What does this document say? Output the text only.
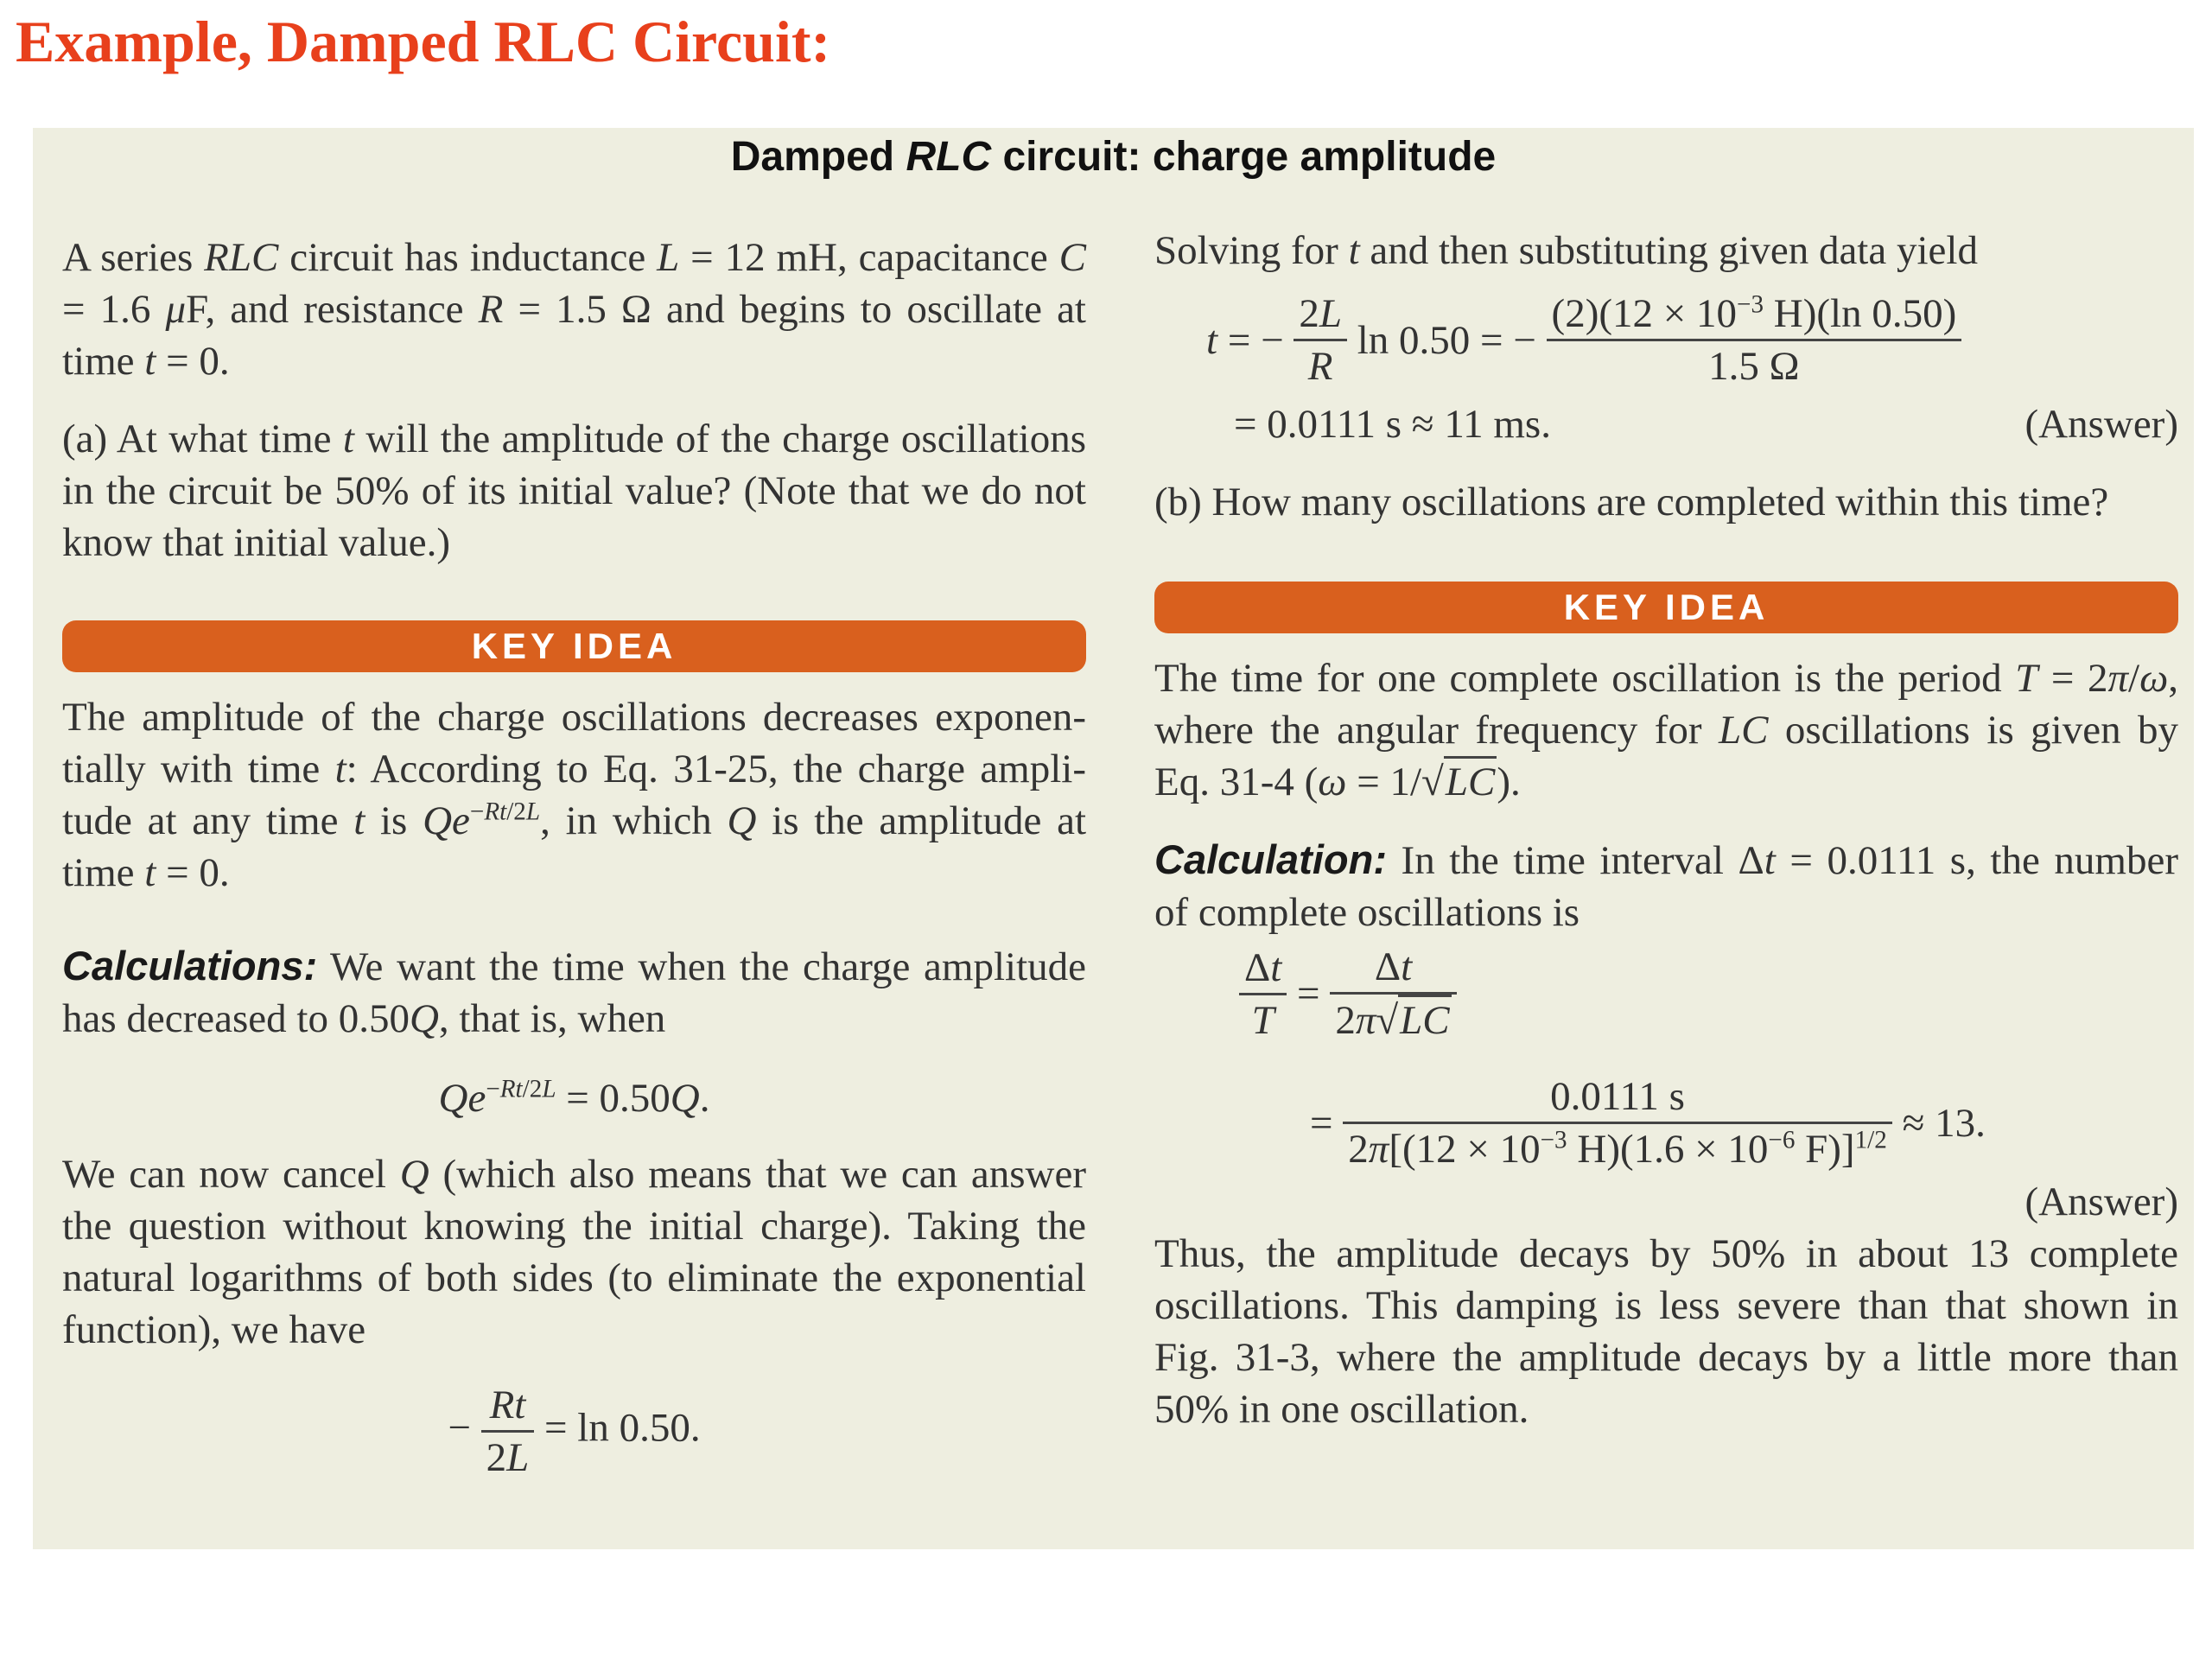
Example, Damped RLC Circuit:
Damped RLC circuit: charge amplitude

A series RLC circuit has inductance L = 12 mH, capacitance C = 1.6 μF, and resistance R = 1.5 Ω and begins to oscillate at time t = 0.

(a) At what time t will the amplitude of the charge oscillations in the circuit be 50% of its initial value? (Note that we do not know that initial value.)

KEY IDEA

The amplitude of the charge oscillations decreases exponentially with time t: According to Eq. 31-25, the charge amplitude at any time t is $Qe^{-Rt/2L}$, in which Q is the amplitude at time t = 0.

Calculations: We want the time when the charge amplitude has decreased to 0.50Q, that is, when

$Qe^{-Rt/2L} = 0.50Q$.

We can now cancel Q (which also means that we can answer the question without knowing the initial charge). Taking the natural logarithms of both sides (to eliminate the exponential function), we have

− $\frac{Rt}{2L} = \ln 0.50$.

Solving for t and then substituting given data yield

t = − $\frac{2L}{R}$ ln 0.50 = − $\frac{(2)(12 \times 10^{-3} H)(\ln 0.50)}{1.5 \Omega}$

= 0.0111 s ≈ 11 ms.	(Answer)

(b) How many oscillations are completed within this time?

KEY IDEA

The time for one complete oscillation is the period T = 2π/ω, where the angular frequency for LC oscillations is given by Eq. 31-4 (ω = 1/√LC).

Calculation: In the time interval Δt = 0.0111 s, the number of complete oscillations is

$\frac{\Delta t}{T} = \frac{\Delta t}{2\pi√LC}$
= $\frac{0.0111 s}{2\pi[(12 \times 10^{-3} H)(1.6 \times 10^{-6} F)]^{1/2}} \approx 13$.

(Answer)

Thus, the amplitude decays by 50% in about 13 complete oscillations. This damping is less severe than that shown in Fig. 31-3, where the amplitude decays by a little more than 50% in one oscillation.
